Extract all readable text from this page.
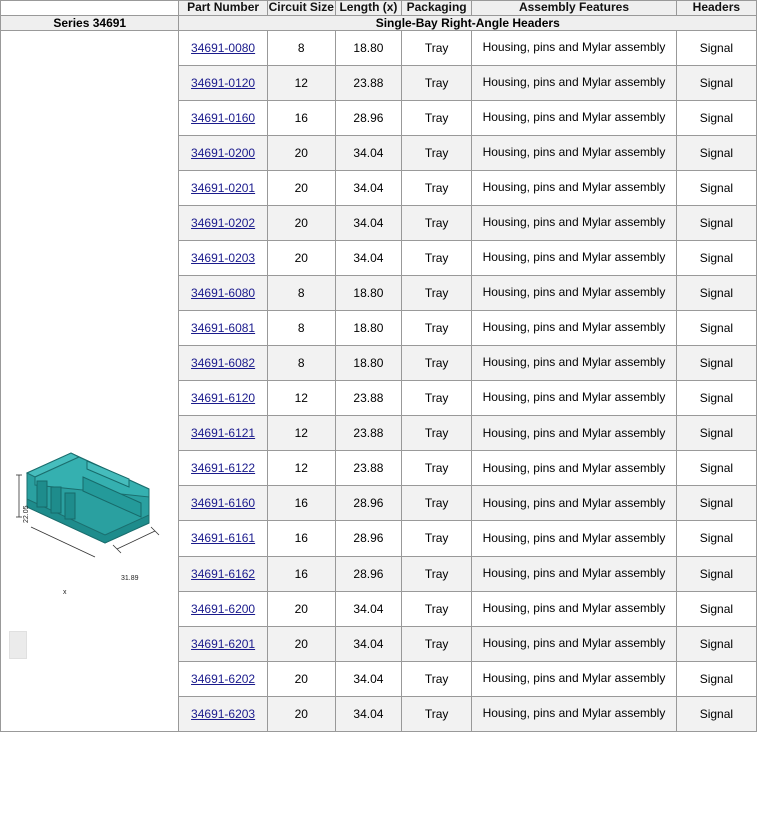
	Part Number	Circuit Size	Length (x)	Packaging	Assembly Features	Headers
Series 34691	Single-Bay Right-Angle Headers					

22.05
x
31.89	34691-0080	8	18.80	Tray	Housing, pins and Mylar assembly	Signal
	34691-0120	12	23.88	Tray	Housing, pins and Mylar assembly	Signal
	34691-0160	16	28.96	Tray	Housing, pins and Mylar assembly	Signal
	34691-0200	20	34.04	Tray	Housing, pins and Mylar assembly	Signal
	34691-0201	20	34.04	Tray	Housing, pins and Mylar assembly	Signal
	34691-0202	20	34.04	Tray	Housing, pins and Mylar assembly	Signal
	34691-0203	20	34.04	Tray	Housing, pins and Mylar assembly	Signal
	34691-6080	8	18.80	Tray	Housing, pins and Mylar assembly	Signal
	34691-6081	8	18.80	Tray	Housing, pins and Mylar assembly	Signal
	34691-6082	8	18.80	Tray	Housing, pins and Mylar assembly	Signal
	34691-6120	12	23.88	Tray	Housing, pins and Mylar assembly	Signal
	34691-6121	12	23.88	Tray	Housing, pins and Mylar assembly	Signal
	34691-6122	12	23.88	Tray	Housing, pins and Mylar assembly	Signal
	34691-6160	16	28.96	Tray	Housing, pins and Mylar assembly	Signal
	34691-6161	16	28.96	Tray	Housing, pins and Mylar assembly	Signal
	34691-6162	16	28.96	Tray	Housing, pins and Mylar assembly	Signal
	34691-6200	20	34.04	Tray	Housing, pins and Mylar assembly	Signal
	34691-6201	20	34.04	Tray	Housing, pins and Mylar assembly	Signal
	34691-6202	20	34.04	Tray	Housing, pins and Mylar assembly	Signal
	34691-6203	20	34.04	Tray	Housing, pins and Mylar assembly	Signal
